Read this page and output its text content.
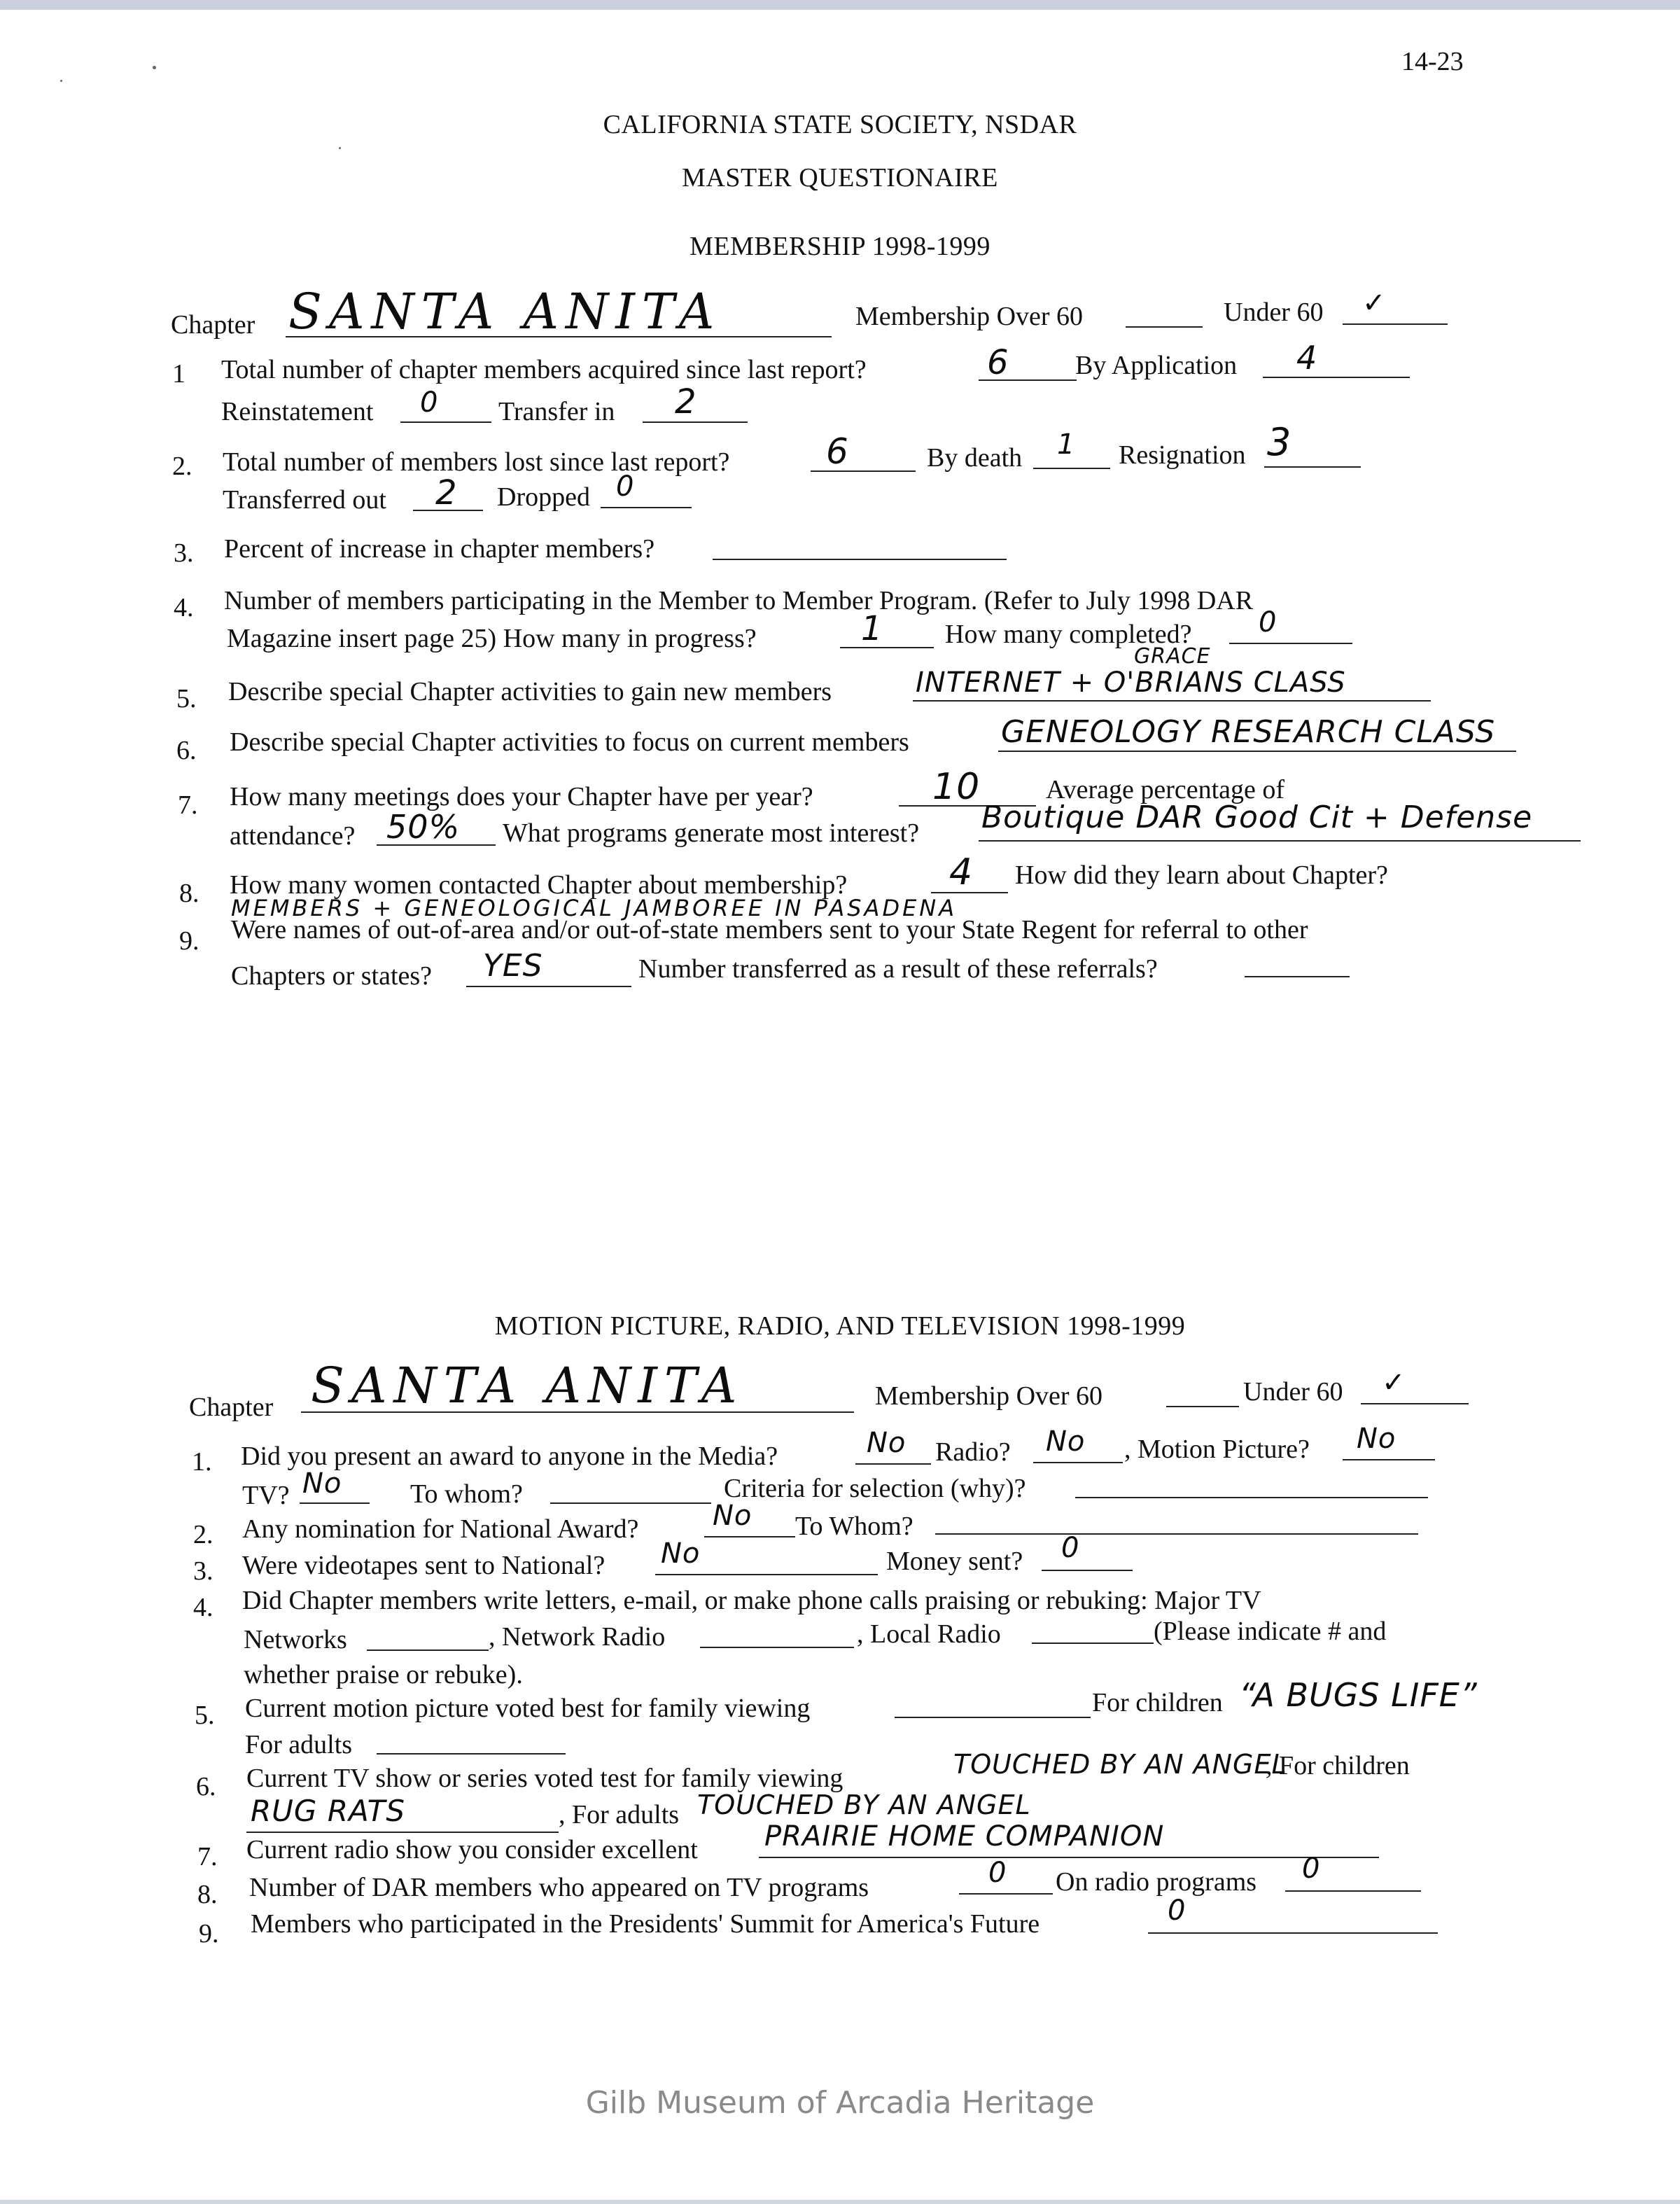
14-23
CALIFORNIA STATE SOCIETY, NSDAR
MASTER QUESTIONAIRE
MEMBERSHIP 1998-1999
Chapter SANTA ANITA	Membership Over 60	Under 60 ✓
1 Total number of chapter members acquired since last report?	6 By Application 4
Reinstatement 0 Transfer in 2
2. Total number of members lost since last report?	6	By death 1 Resignation 3
Transferred out 2 Dropped 0
3. Percent of increase in chapter members?
4. Number of members participating in the Member to Member Program. (Refer to July 1998 DAR
Magazine insert page 25) How many in progress?	1 How many completed? 0
5. Describe special Chapter activities to gain new members
GRACE
INTERNET + O'BRIANS CLASS
6. Describe special Chapter activities to focus on current members	GENEOLOGY RESEARCH CLASS
7. How many meetings does your Chapter have per year?	10 Average percentage of
attendance? 50% What programs generate most interest? Boutique DAR Good Cit + Defense
8. How many women contacted Chapter about membership?	4 How did they learn about Chapter?
MEMBERS + GENEOLOGICAL JAMBOREE IN PASADENA
9. Were names of out-of-area and/or out-of-state members sent to your State Regent for referral to other
Chapters or states? YES	Number transferred as a result of these referrals?
MOTION PICTURE, RADIO, AND TELEVISION 1998-1999
Chapter SANTA ANITA	Membership Over 60	Under 60 ✓
1. Did you present an award to anyone in the Media?	No Radio? No , Motion Picture? No
TV? No	To whom?	Criteria for selection (why)?
2. Any nomination for National Award?	No To Whom?
3. Were videotapes sent to National? No	Money sent? 0
4. Did Chapter members write letters, e-mail, or make phone calls praising or rebuking: Major TV
Networks	, Network Radio	, Local Radio	(Please indicate # and
whether praise or rebuke).
5. Current motion picture voted best for family viewing	For children “A BUGS LIFE”
For adults
6. Current TV show or series voted test for family viewing	TOUCHED BY AN ANGEL
, For children
RUG RATS	, For adults TOUCHED BY AN ANGEL
7. Current radio show you consider excellent PRAIRIE HOME COMPANION
8. Number of DAR members who appeared on TV programs	0 On radio programs 0
9. Members who participated in the Presidents' Summit for America's Future	0
Gilb Museum of Arcadia Heritage
